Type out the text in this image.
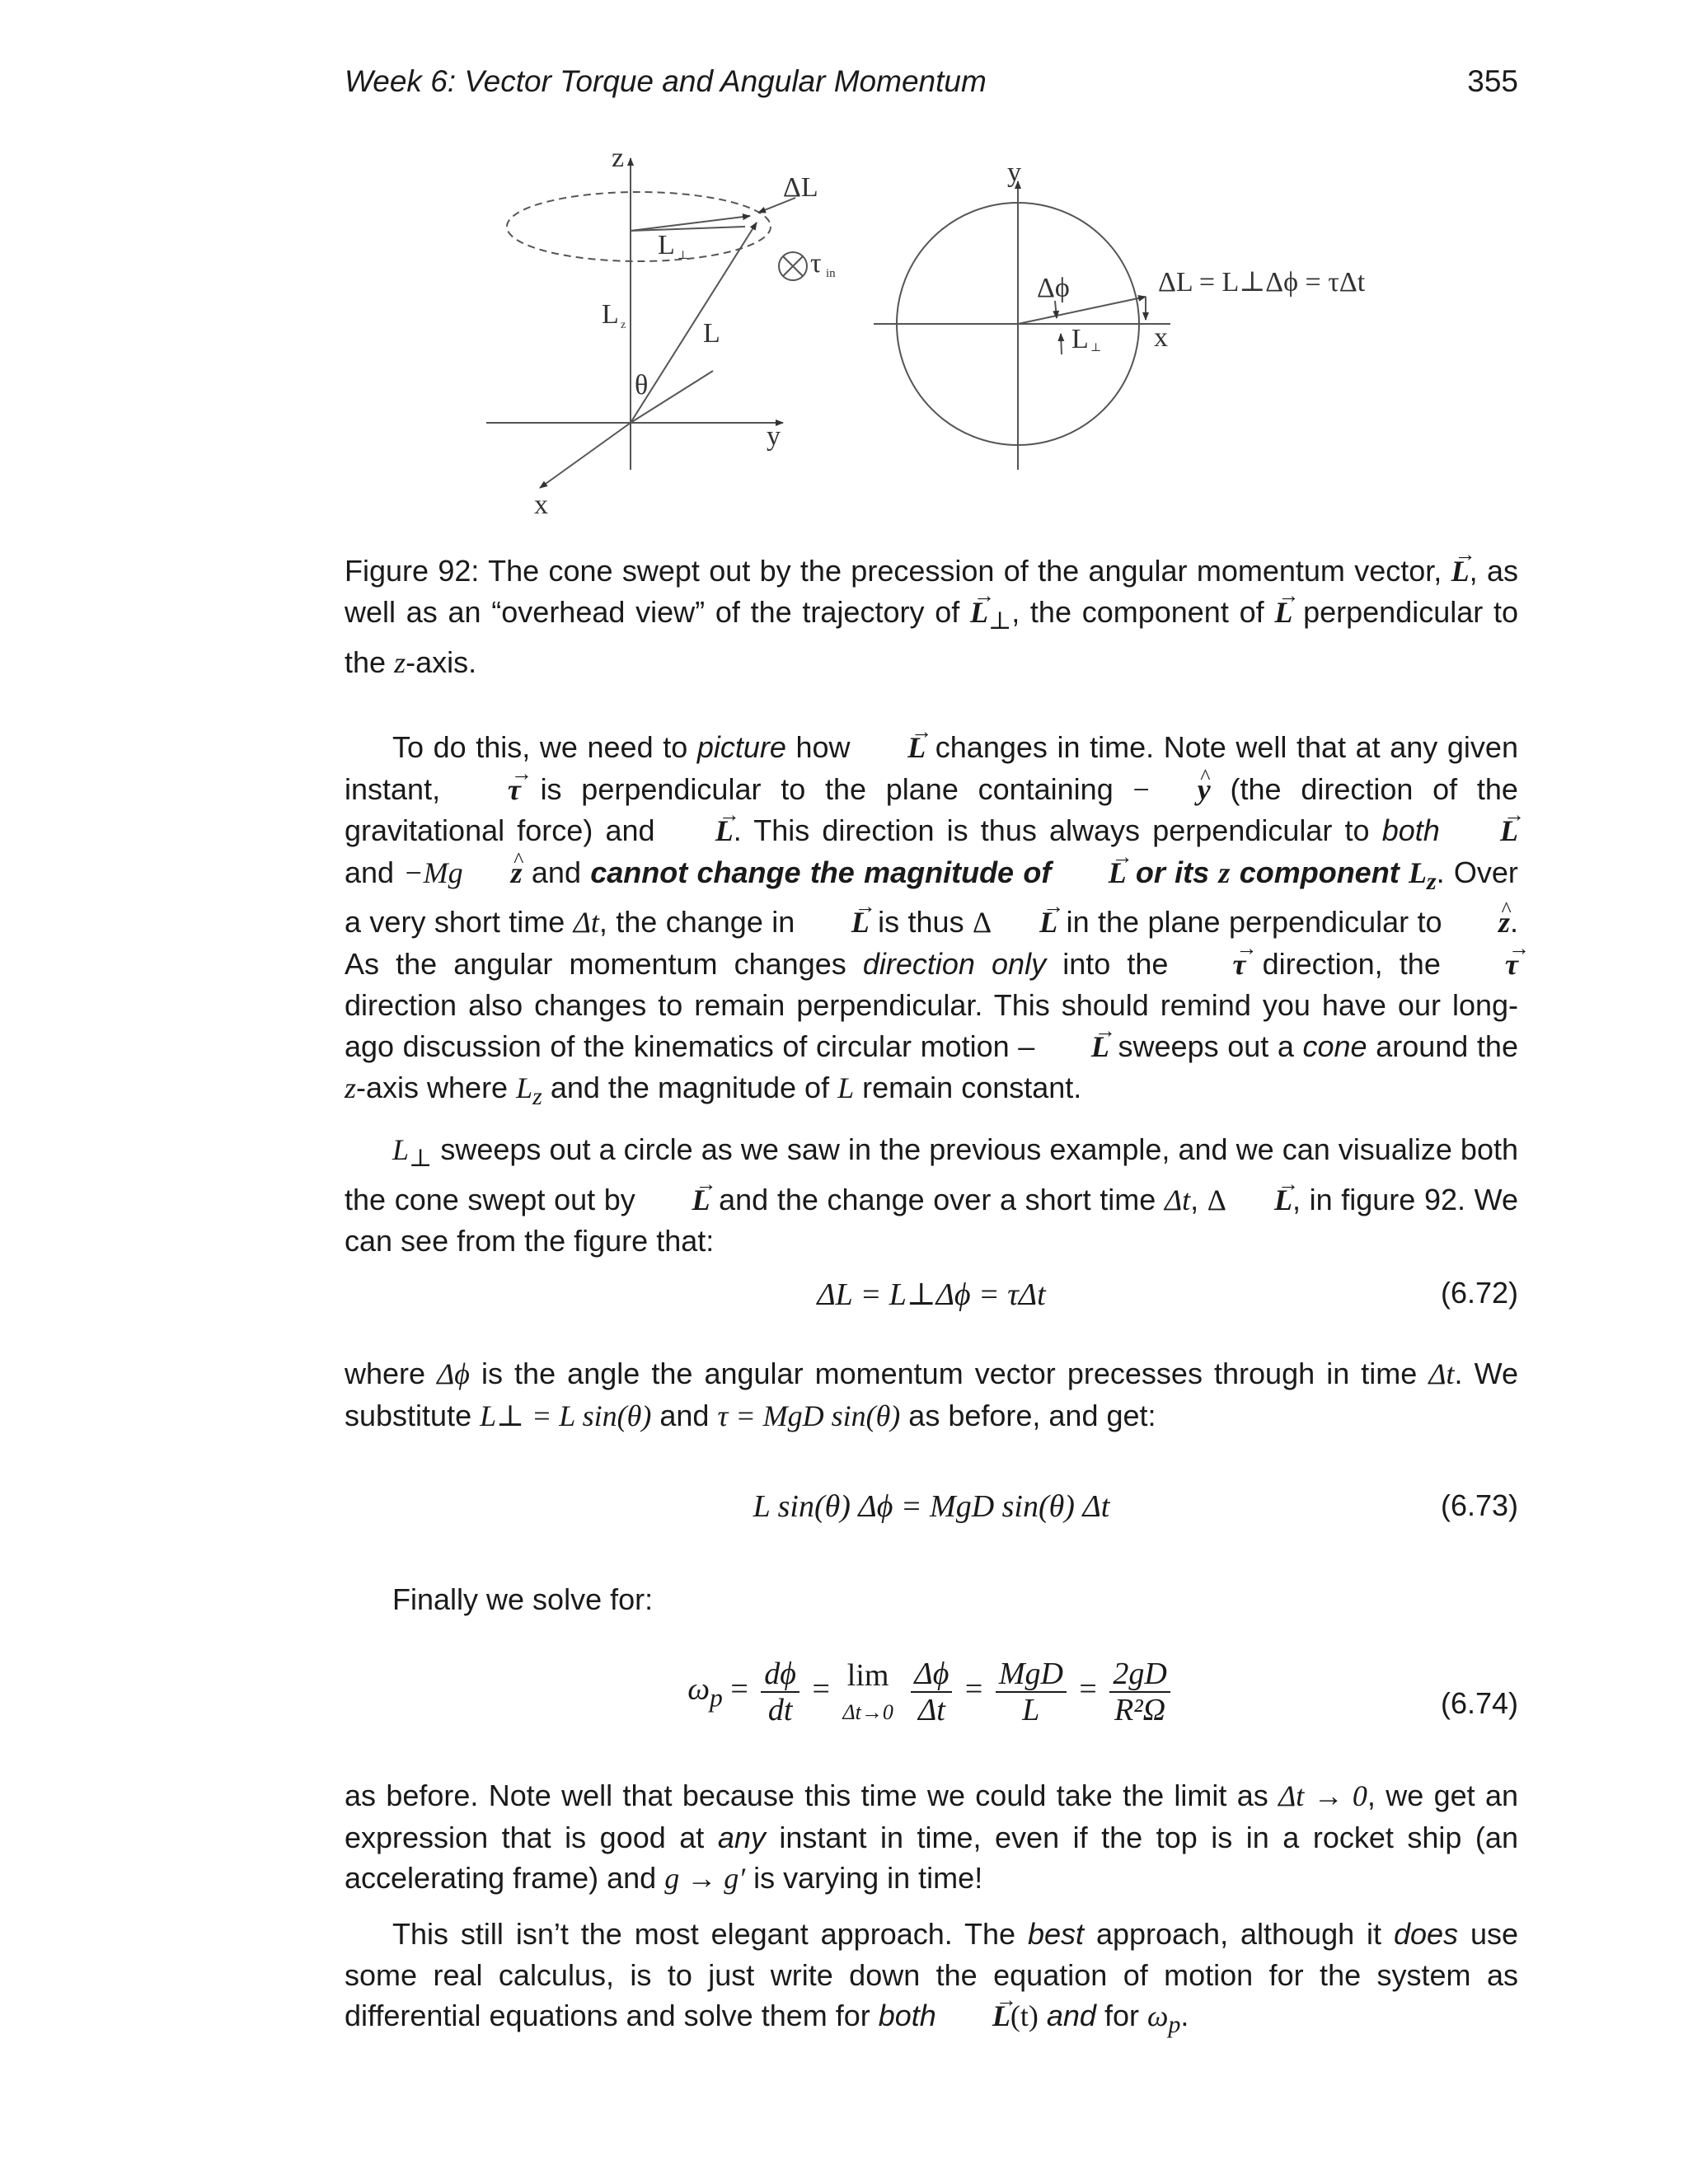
Week 6: Vector Torque and Angular Momentum	355
z
y
x
ΔL
L ⊥
L z	L
θ
τ in
y
x
Δϕ
L ⊥
ΔL = L⊥Δϕ = τΔt
Figure 92: The cone swept out by the precession of the angular momentum vector, L →, as well as an “overhead view” of the trajectory of $L \to_\perp$, the component of L → perpendicular to the z-axis.

To do this, we need to picture how L → changes in time. Note well that at any given instant, τ → is perpendicular to the plane containing − y ^ (the direction of the gravitational force) and L →. This direction is thus always perpendicular to both L → and −Mg z ^ and cannot change the magnitude of L → or its z component $L_z$. Over a very short time Δt, the change in L → is thus Δ L → in the plane perpendicular to z ^. As the angular momentum changes direction only into the τ → direction, the τ → direction also changes to remain perpendicular. This should remind you have our long-ago discussion of the kinematics of circular motion – L → sweeps out a cone around the z-axis where $L_z$ and the magnitude of L remain constant.

$L_\perp$ sweeps out a circle as we saw in the previous example, and we can visualize both the cone swept out by L → and the change over a short time Δt, Δ L →, in figure 92. We can see from the figure that:

ΔL = L⊥Δϕ = τΔt	(6.72)
where Δϕ is the angle the angular momentum vector precesses through in time Δt. We substitute L⊥ = L sin(θ) and τ = MgD sin(θ) as before, and get:
L sin(θ) Δϕ = MgD sin(θ) Δt	(6.73)

Finally we solve for:

$\omega_p = \frac{d\phi}{dt} = \lim$
Δt→0
$\frac{\Delta\phi}{\Delta t} = \frac{\text{MgD}}{L} = \frac{2gD}{\text{R²Ω}}$	(6.74)
as before. Note well that because this time we could take the limit as Δt → 0, we get an expression that is good at any instant in time, even if the top is in a rocket ship (an accelerating frame) and g → g′ is varying in time!

This still isn’t the most elegant approach. The best approach, although it does use some real calculus, is to just write down the equation of motion for the system as differential equations and solve them for both L →(t) and for $\omega_p$.
